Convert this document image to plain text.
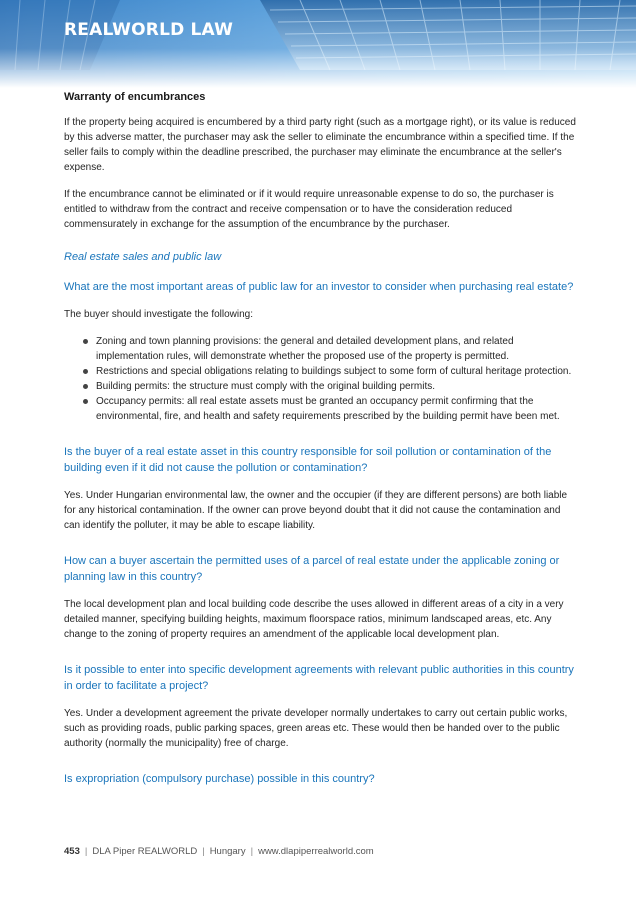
REALWORLD LAW
Warranty of encumbrances

If the property being acquired is encumbered by a third party right (such as a mortgage right), or its value is reduced by this adverse matter, the purchaser may ask the seller to eliminate the encumbrance within a specified time. If the seller fails to comply within the deadline prescribed, the purchaser may eliminate the encumbrance at the seller's expense.

If the encumbrance cannot be eliminated or if it would require unreasonable expense to do so, the purchaser is entitled to withdraw from the contract and receive compensation or to have the consideration reduced commensurately in exchange for the assumption of the encumbrance by the purchaser.

Real estate sales and public law
What are the most important areas of public law for an investor to consider when purchasing real estate?

The buyer should investigate the following:

Zoning and town planning provisions: the general and detailed development plans, and related implementation rules, will demonstrate whether the proposed use of the property is permitted.
Restrictions and special obligations relating to buildings subject to some form of cultural heritage protection.
Building permits: the structure must comply with the original building permits.
Occupancy permits: all real estate assets must be granted an occupancy permit confirming that the environmental, fire, and health and safety requirements prescribed by the building permit have been met.
Is the buyer of a real estate asset in this country responsible for soil pollution or contamination of the building even if it did not cause the pollution or contamination?

Yes. Under Hungarian environmental law, the owner and the occupier (if they are different persons) are both liable for any historical contamination. If the owner can prove beyond doubt that it did not cause the contamination and can identify the polluter, it may be able to escape liability.

How can a buyer ascertain the permitted uses of a parcel of real estate under the applicable zoning or planning law in this country?

The local development plan and local building code describe the uses allowed in different areas of a city in a very detailed manner, specifying building heights, maximum floorspace ratios, minimum landscaped areas, etc. Any change to the zoning of property requires an amendment of the applicable local development plan.

Is it possible to enter into specific development agreements with relevant public authorities in this country in order to facilitate a project?

Yes. Under a development agreement the private developer normally undertakes to carry out certain public works, such as providing roads, public parking spaces, green areas etc. These would then be handed over to the public authority (normally the municipality) free of charge.

Is expropriation (compulsory purchase) possible in this country?
453 | DLA Piper REALWORLD | Hungary | www.dlapiperrealworld.com
